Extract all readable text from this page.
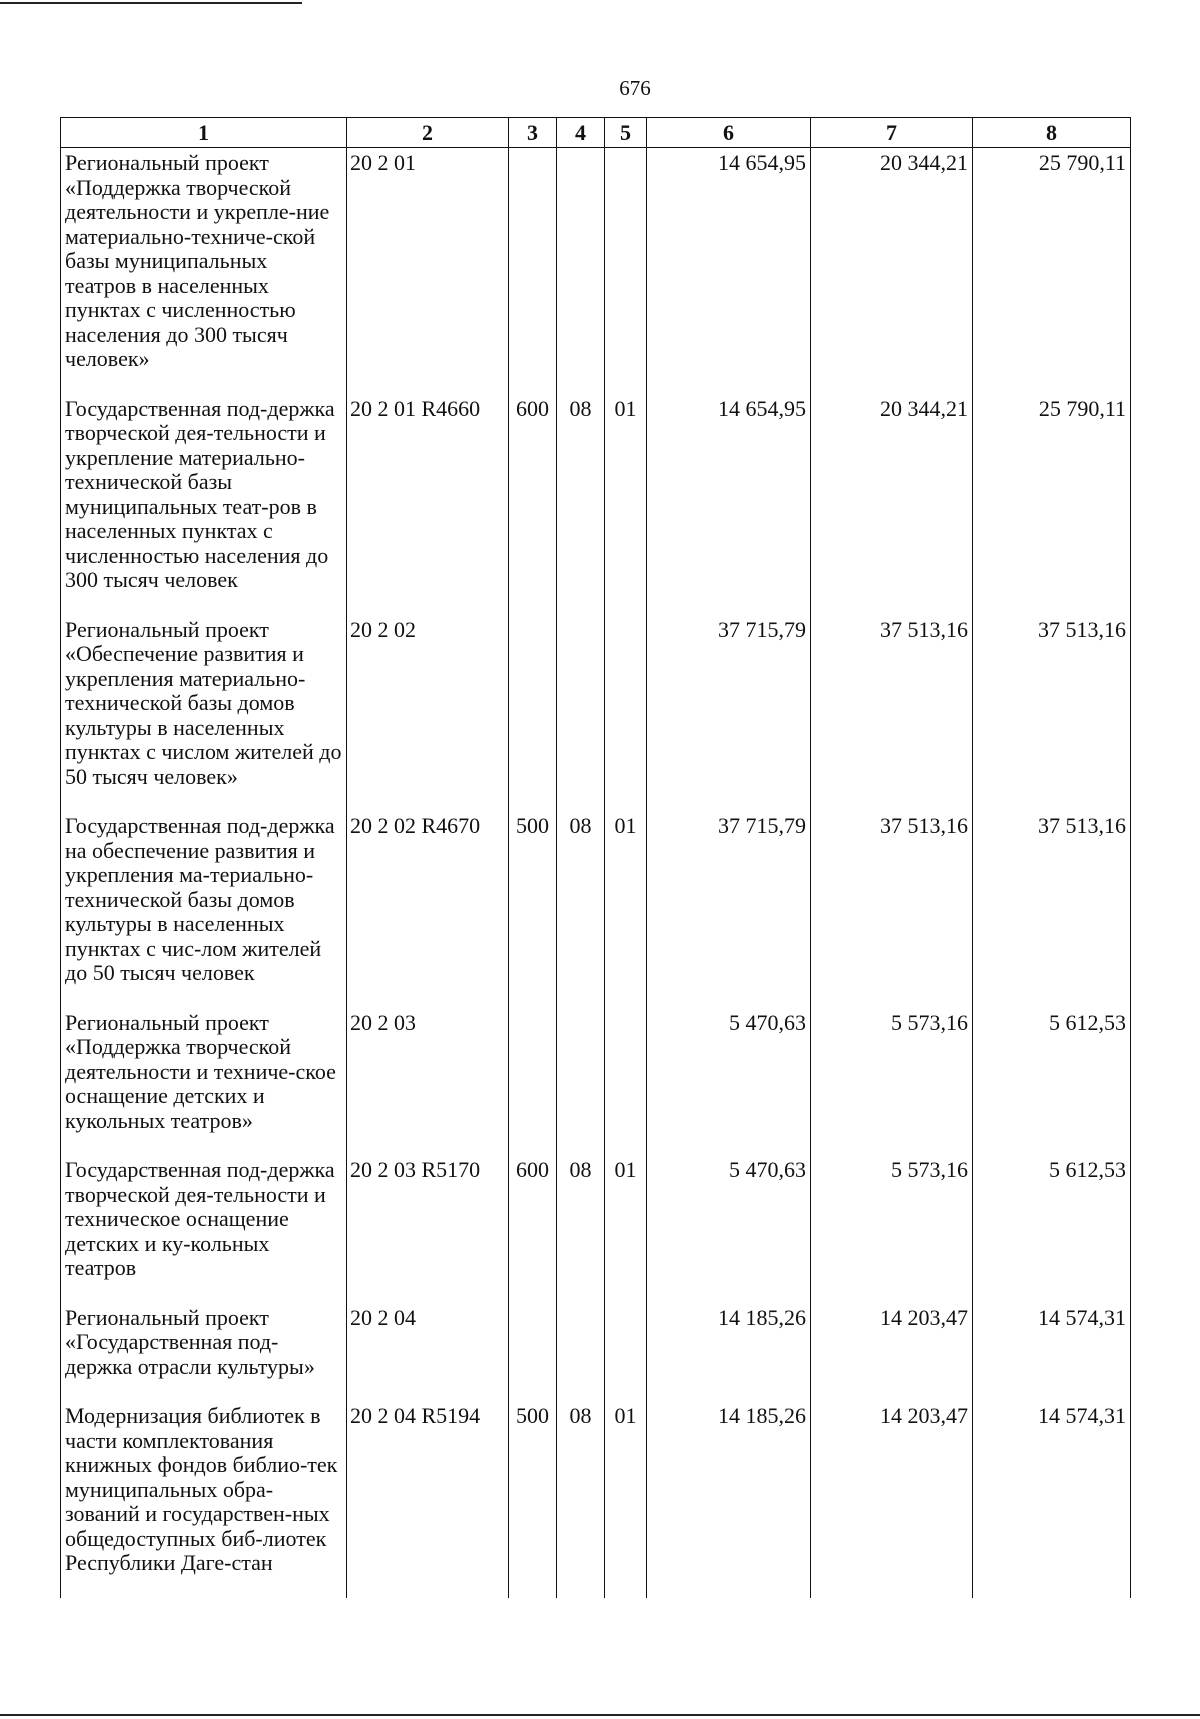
676
1	2	3	4	5	6	7	8
Региональный проект «Поддержка творческой деятельности и укрепле-ние материально-техниче-ской базы муниципальных театров в населенных пунктах с численностью населения до 300 тысяч человек»	20 2 01				14 654,95	20 344,21	25 790,11
Государственная под-держка творческой дея-тельности и укрепление материально-технической базы муниципальных теат-ров в населенных пунктах с численностью населения до 300 тысяч человек	20 2 01 R4660	600	08	01	14 654,95	20 344,21	25 790,11
Региональный проект «Обеспечение развития и укрепления материально-технической базы домов культуры в населенных пунктах с числом жителей до 50 тысяч человек»	20 2 02				37 715,79	37 513,16	37 513,16
Государственная под-держка на обеспечение развития и укрепления ма-териально-технической базы домов культуры в населенных пунктах с чис-лом жителей до 50 тысяч человек	20 2 02 R4670	500	08	01	37 715,79	37 513,16	37 513,16
Региональный проект «Поддержка творческой деятельности и техниче-ское оснащение детских и кукольных театров»	20 2 03				5 470,63	5 573,16	5 612,53
Государственная под-держка творческой дея-тельности и техническое оснащение детских и ку-кольных театров	20 2 03 R5170	600	08	01	5 470,63	5 573,16	5 612,53
Региональный проект «Государственная под-держка отрасли культуры»	20 2 04				14 185,26	14 203,47	14 574,31
Модернизация библиотек в части комплектования книжных фондов библио-тек муниципальных обра-зований и государствен-ных общедоступных биб-лиотек Республики Даге-стан	20 2 04 R5194	500	08	01	14 185,26	14 203,47	14 574,31
